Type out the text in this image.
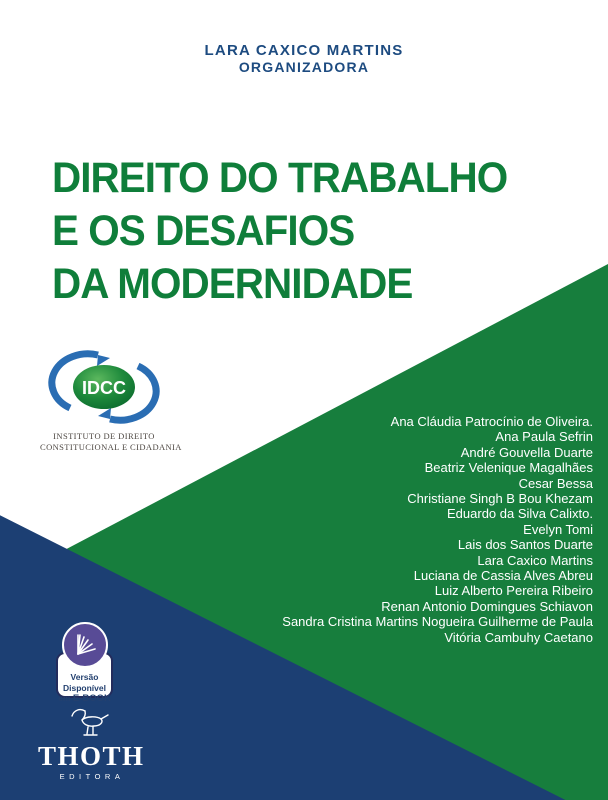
LARA CAXICO MARTINS
ORGANIZADORA
DIREITO DO TRABALHO
E OS DESAFIOS
DA MODERNIDADE
IDCC
INSTITUTO DE DIREITO
CONSTITUCIONAL E CIDADANIA
Ana Cláudia Patrocínio de Oliveira.
Ana Paula Sefrin
André Gouvella Duarte
Beatriz Velenique Magalhães
Cesar Bessa
Christiane Singh B Bou Khezam
Eduardo da Silva Calixto.
Evelyn Tomi
Lais dos Santos Duarte
Lara Caxico Martins
Luciana de Cassia Alves Abreu
Luiz Alberto Pereira Ribeiro
Renan Antonio Domingues Schiavon
Sandra Cristina Martins Nogueira Guilherme de Paula
Vitória Cambuhy Caetano
Versão
Disponível
em E-BOOK
THOTH
EDITORA
